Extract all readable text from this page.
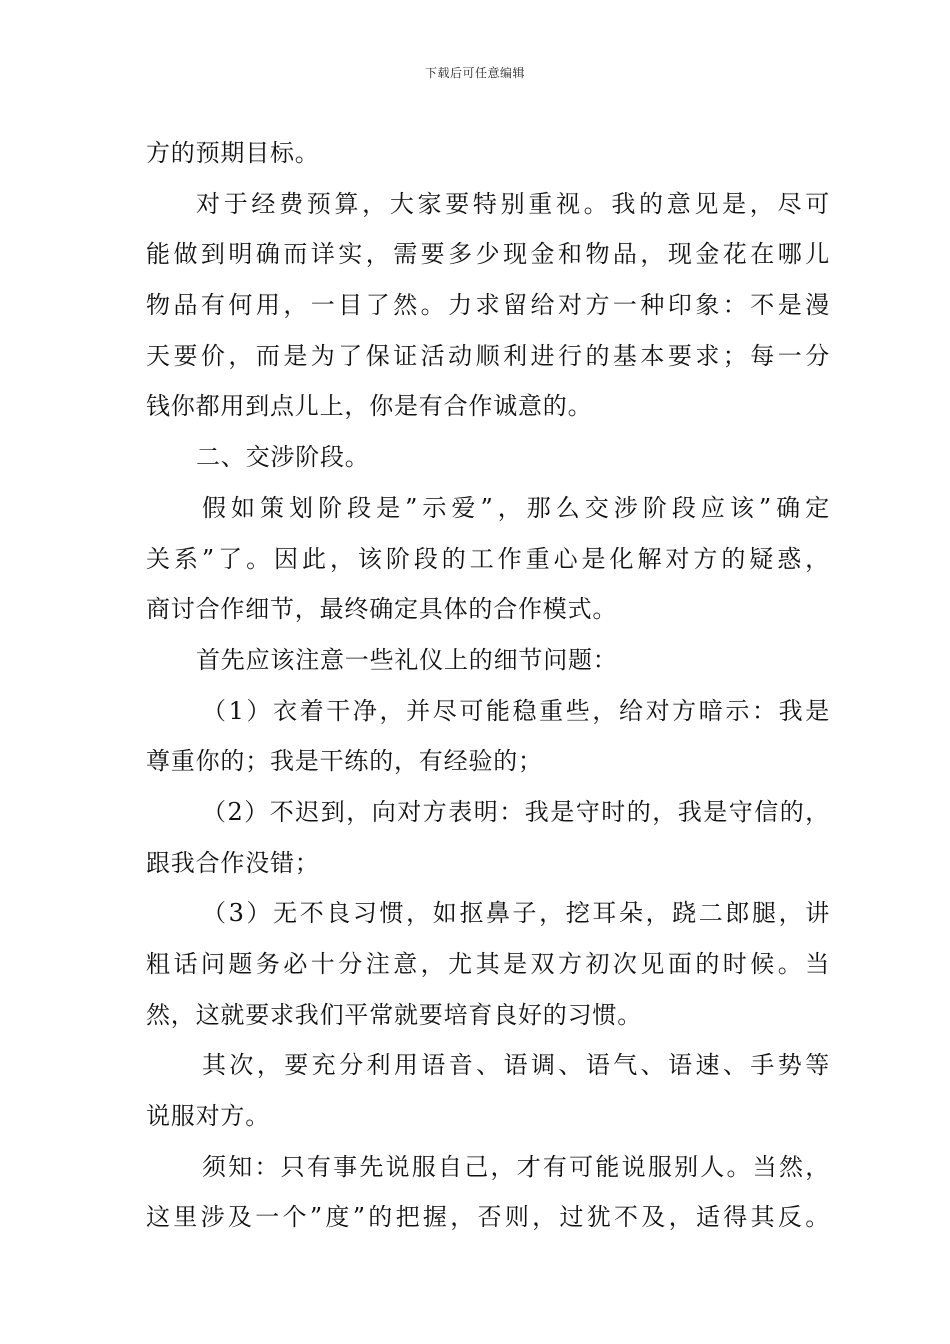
下载后可任意编辑
方的预期目标。
对于经费预算，大家要特别重视。我的意见是，尽可
能做到明确而详实，需要多少现金和物品，现金花在哪儿
物品有何用，一目了然。力求留给对方一种印象：不是漫
天要价，而是为了保证活动顺利进行的基本要求；每一分
钱你都用到点儿上，你是有合作诚意的。
二、交涉阶段。
假如策划阶段是”示爱”，那么交涉阶段应该”确定
关系”了。因此，该阶段的工作重心是化解对方的疑惑，
商讨合作细节，最终确定具体的合作模式。
首先应该注意一些礼仪上的细节问题：
（1）衣着干净，并尽可能稳重些，给对方暗示：我是
尊重你的；我是干练的，有经验的；
（2）不迟到，向对方表明：我是守时的，我是守信的，
跟我合作没错；
（3）无不良习惯，如抠鼻子，挖耳朵，跷二郎腿，讲
粗话问题务必十分注意，尤其是双方初次见面的时候。当
然，这就要求我们平常就要培育良好的习惯。
其次，要充分利用语音、语调、语气、语速、手势等
说服对方。
须知：只有事先说服自己，才有可能说服别人。当然，
这里涉及一个”度”的把握，否则，过犹不及，适得其反。
